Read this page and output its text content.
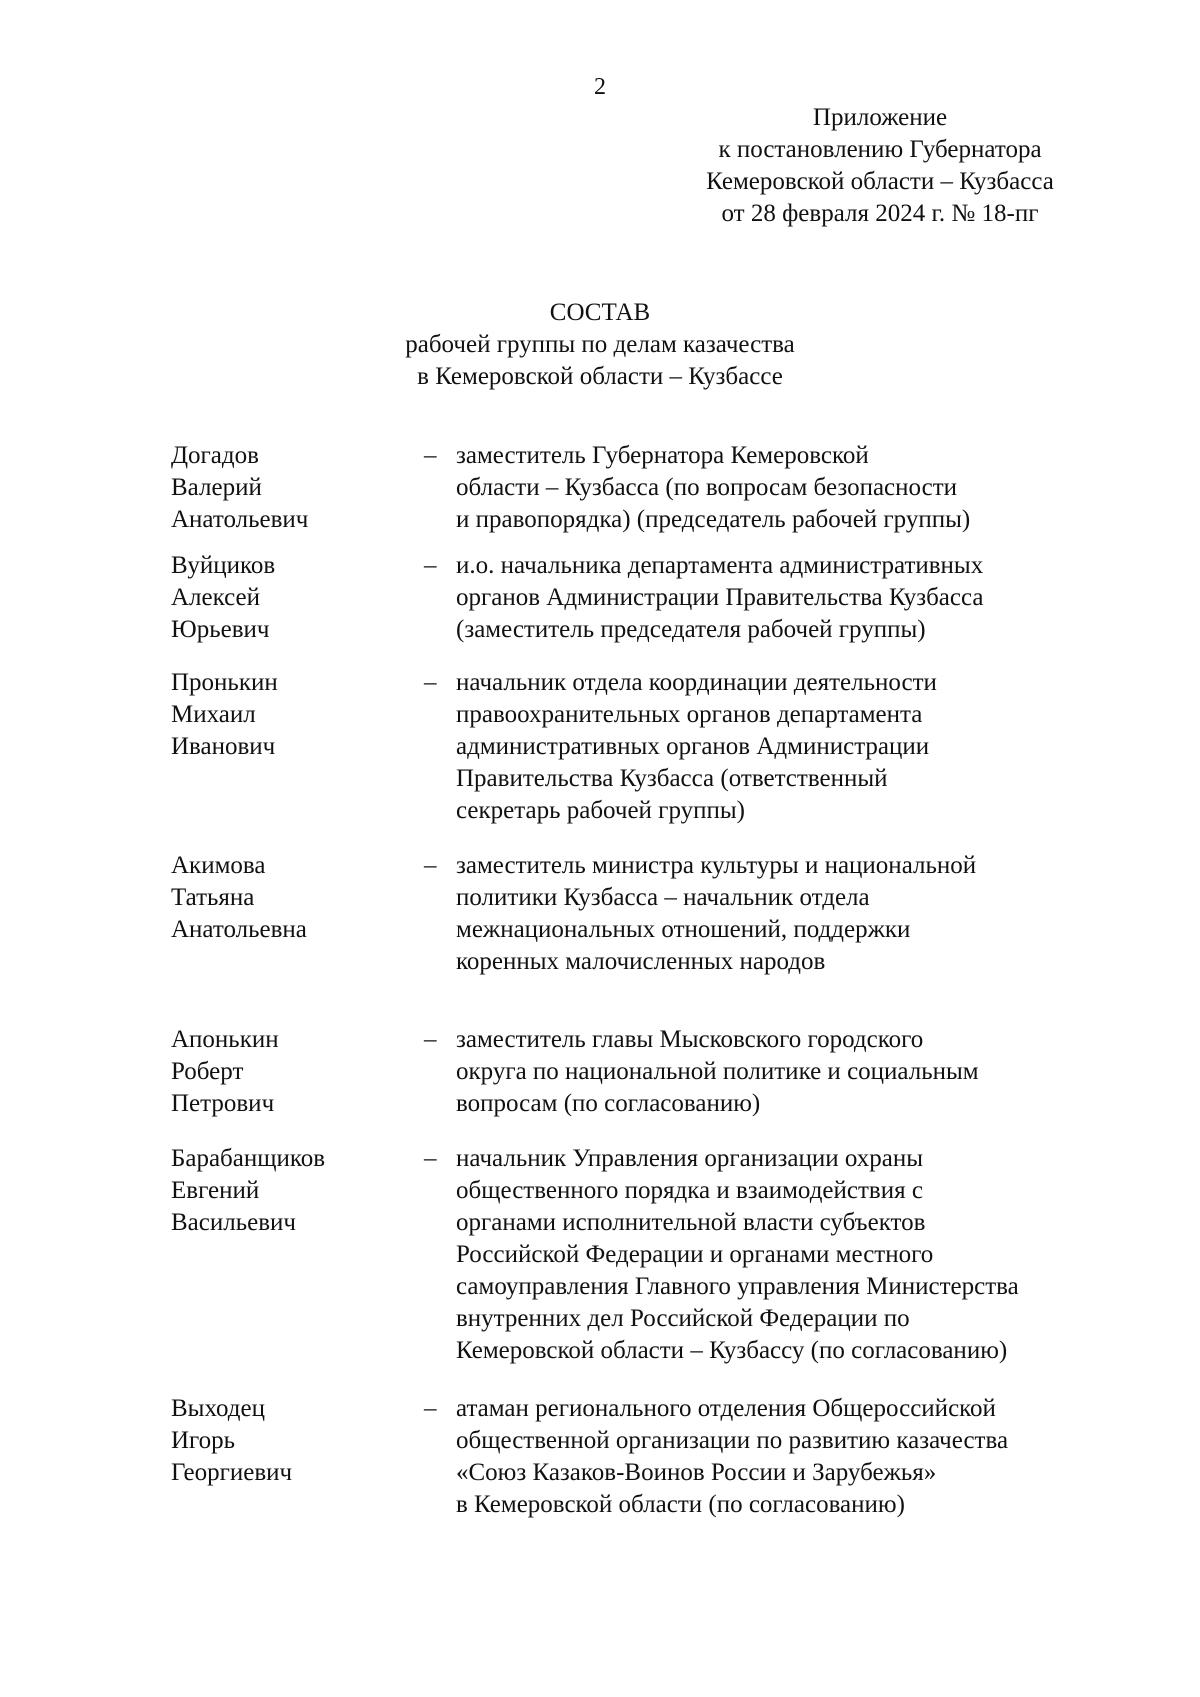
2
Приложение
к постановлению Губернатора
Кемеровской области – Кузбасса
от 28 февраля 2024 г. № 18-пг
СОСТАВ
рабочей группы по делам казачества
в Кемеровской области – Кузбассе
Догадов
Валерий
Анатольевич
– заместитель Губернатора Кемеровской
области – Кузбасса (по вопросам безопасности
и правопорядка) (председатель рабочей группы)
Вуйциков
Алексей
Юрьевич
– и.о. начальника департамента административных
органов Администрации Правительства Кузбасса
(заместитель председателя рабочей группы)
Пронькин
Михаил
Иванович
– начальник отдела координации деятельности
правоохранительных органов департамента
административных органов Администрации
Правительства Кузбасса (ответственный
секретарь рабочей группы)
Акимова
Татьяна
Анатольевна
– заместитель министра культуры и национальной
политики Кузбасса – начальник отдела
межнациональных отношений, поддержки
коренных малочисленных народов
Апонькин
Роберт
Петрович
– заместитель главы Мысковского городского
округа по национальной политике и социальным
вопросам (по согласованию)
Барабанщиков
Евгений
Васильевич
– начальник Управления организации охраны
общественного порядка и взаимодействия с
органами исполнительной власти субъектов
Российской Федерации и органами местного
самоуправления Главного управления Министерства
внутренних дел Российской Федерации по
Кемеровской области – Кузбассу (по согласованию)
Выходец
Игорь
Георгиевич
– атаман регионального отделения Общероссийской
общественной организации по развитию казачества
«Союз Казаков-Воинов России и Зарубежья»
в Кемеровской области (по согласованию)
